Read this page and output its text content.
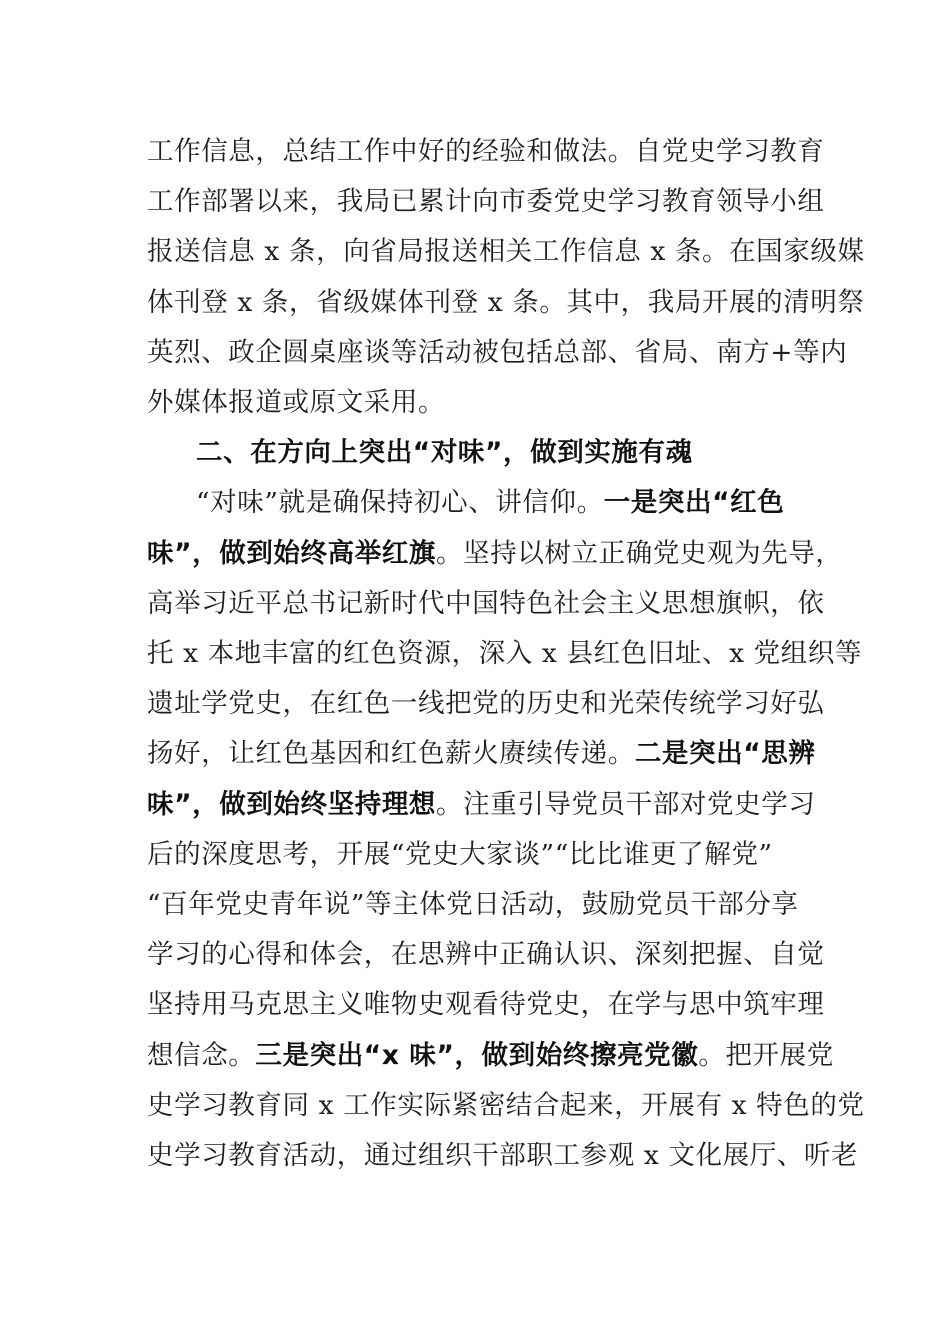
工作信息，总结工作中好的经验和做法。自党史学习教育
工作部署以来，我局已累计向市委党史学习教育领导小组
报送信息 x 条，向省局报送相关工作信息 x 条。在国家级媒
体刊登 x 条，省级媒体刊登 x 条。其中，我局开展的清明祭
英烈、政企圆桌座谈等活动被包括总部、省局、南方+等内
外媒体报道或原文采用。
二、在方向上突出“对味”，做到实施有魂
“对味”就是确保持初心、讲信仰。一是突出“红色
味”，做到始终高举红旗。坚持以树立正确党史观为先导，
高举习近平总书记新时代中国特色社会主义思想旗帜，依
托 x 本地丰富的红色资源，深入 x 县红色旧址、x 党组织等
遗址学党史，在红色一线把党的历史和光荣传统学习好弘
扬好，让红色基因和红色薪火赓续传递。二是突出“思辨
味”，做到始终坚持理想。注重引导党员干部对党史学习
后的深度思考，开展“党史大家谈”“比比谁更了解党”
“百年党史青年说”等主体党日活动，鼓励党员干部分享
学习的心得和体会，在思辨中正确认识、深刻把握、自觉
坚持用马克思主义唯物史观看待党史，在学与思中筑牢理
想信念。三是突出“x 味”，做到始终擦亮党徽。把开展党
史学习教育同 x 工作实际紧密结合起来，开展有 x 特色的党
史学习教育活动，通过组织干部职工参观 x 文化展厅、听老
